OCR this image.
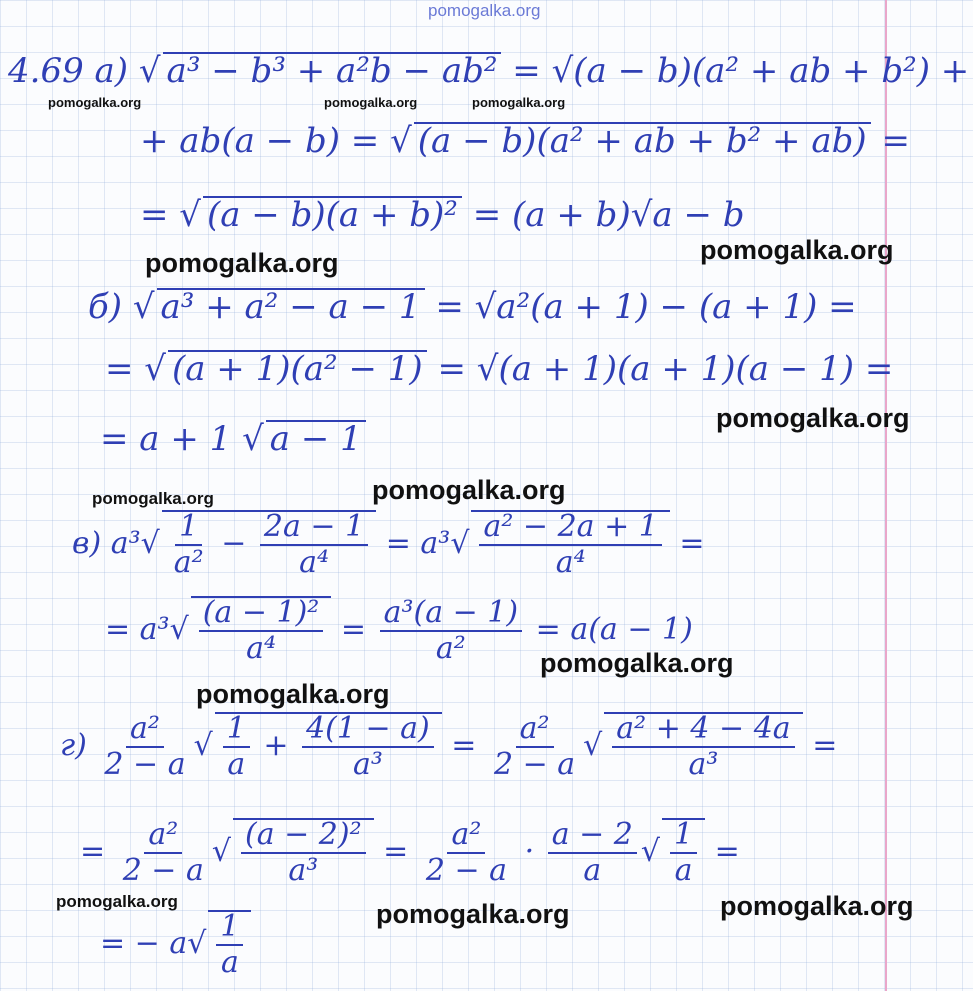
pomogalka.org
4.69 а) √ a³ − b³ + a²b − ab² = √(a − b)(a² + ab + b²) +
pomogalka.org	pomogalka.org	pomogalka.org
+ ab(a − b) = √ (a − b)(a² + ab + b² + ab) =
= √ (a − b)(a + b)² = (a + b)√a − b
pomogalka.org
pomogalka.org
б) √ a³ + a² − a − 1 = √a²(a + 1) − (a + 1) =
= √ (a + 1)(a² − 1) = √(a + 1)(a + 1)(a − 1) =
pomogalka.org
= a + 1 √ a − 1
pomogalka.org	pomogalka.org
в) $a^3√ \frac{1}{\text{a²}} - \frac{2a - 1}{\text{a⁴}} = a^3√ \frac{\text{a² − 2a + 1}}{\text{a⁴}}$ =
= $a^3√ \frac{\text{(a − 1)²}}{\text{a⁴}} = \frac{\text{a³(a − 1)}}{\text{a²}} = a(a - 1)$
pomogalka.org
pomogalka.org
$г) \frac{\text{a²}}{2 - a}$ √ $\frac{1}{a} + \frac{4(1 - a)}{\text{a³}} = \frac{\text{a²}}{2 - a}$ √ $\frac{\text{a² + 4 − 4a}}{\text{a³}}$ =
= $\frac{\text{a²}}{2 - a}$ √ $\frac{\text{(a − 2)²}}{\text{a³}} = \frac{\text{a²}}{2 - a} \cdot \frac{a - 2}{a}$ √ $\frac{1}{a}$ =
pomogalka.org	pomogalka.org
pomogalka.org
= − $a√ \frac{1}{a}$
